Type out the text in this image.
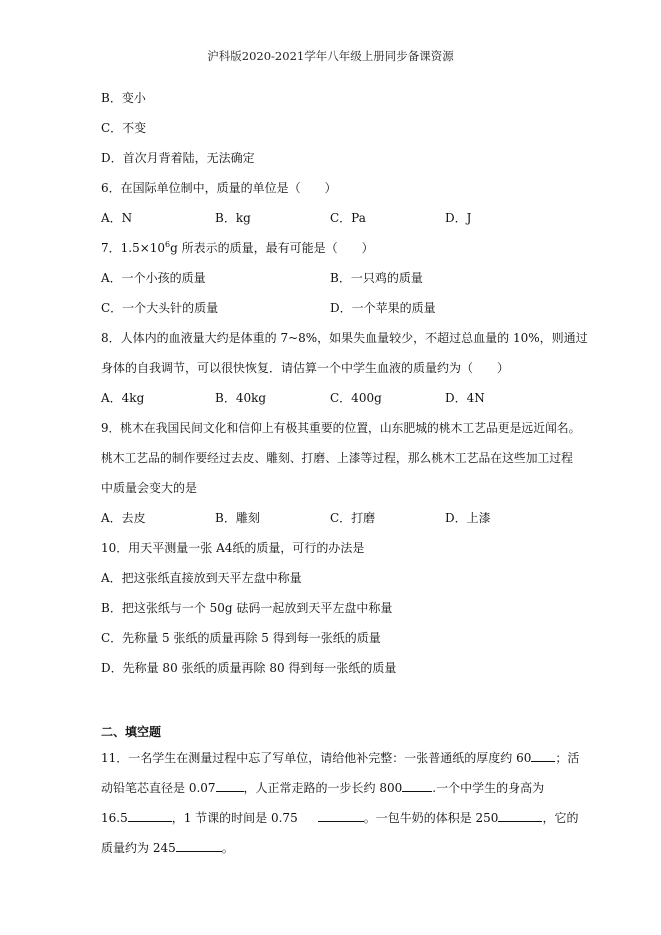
沪科版2020-2021学年八年级上册同步备课资源
B．变小
C．不变
D．首次月背着陆，无法确定
6．在国际单位制中，质量的单位是（　　）
A．N	B．kg	C．Pa	D．J
7．$1.5\times 10^6g$ 所表示的质量，最有可能是（　　）
A．一个小孩的质量	B．一只鸡的质量
C．一个大头针的质量	D．一个苹果的质量
8．人体内的血液量大约是体重的 7~8%，如果失血量较少，不超过总血量的 10%，则通过
身体的自我调节，可以很快恢复．请估算一个中学生血液的质量约为（　　）
A．4kg	B．40kg	C．400g	D．4N
9．桃木在我国民间文化和信仰上有极其重要的位置，山东肥城的桃木工艺品更是远近闻名。
桃木工艺品的制作要经过去皮、雕刻、打磨、上漆等过程，那么桃木工艺品在这些加工过程
中质量会变大的是
A．去皮	B．雕刻	C．打磨	D．上漆
10．用天平测量一张 A4纸的质量，可行的办法是
A．把这张纸直接放到天平左盘中称量
B．把这张纸与一个 50g 砝码一起放到天平左盘中称量
C．先称量 5 张纸的质量再除 5 得到每一张纸的质量
D．先称量 80 张纸的质量再除 80 得到每一张纸的质量
二、填空题
11．一名学生在测量过程中忘了写单位，请给他补完整：一张普通纸的厚度约 60 ；活
动铅笔芯直径是 0.07 ，人正常走路的一步长约 800	.一个中学生的身高为
16.5	，1 节课的时间是 0.75	。一包牛奶的体积是 250	，它的
质量约为 245	。
